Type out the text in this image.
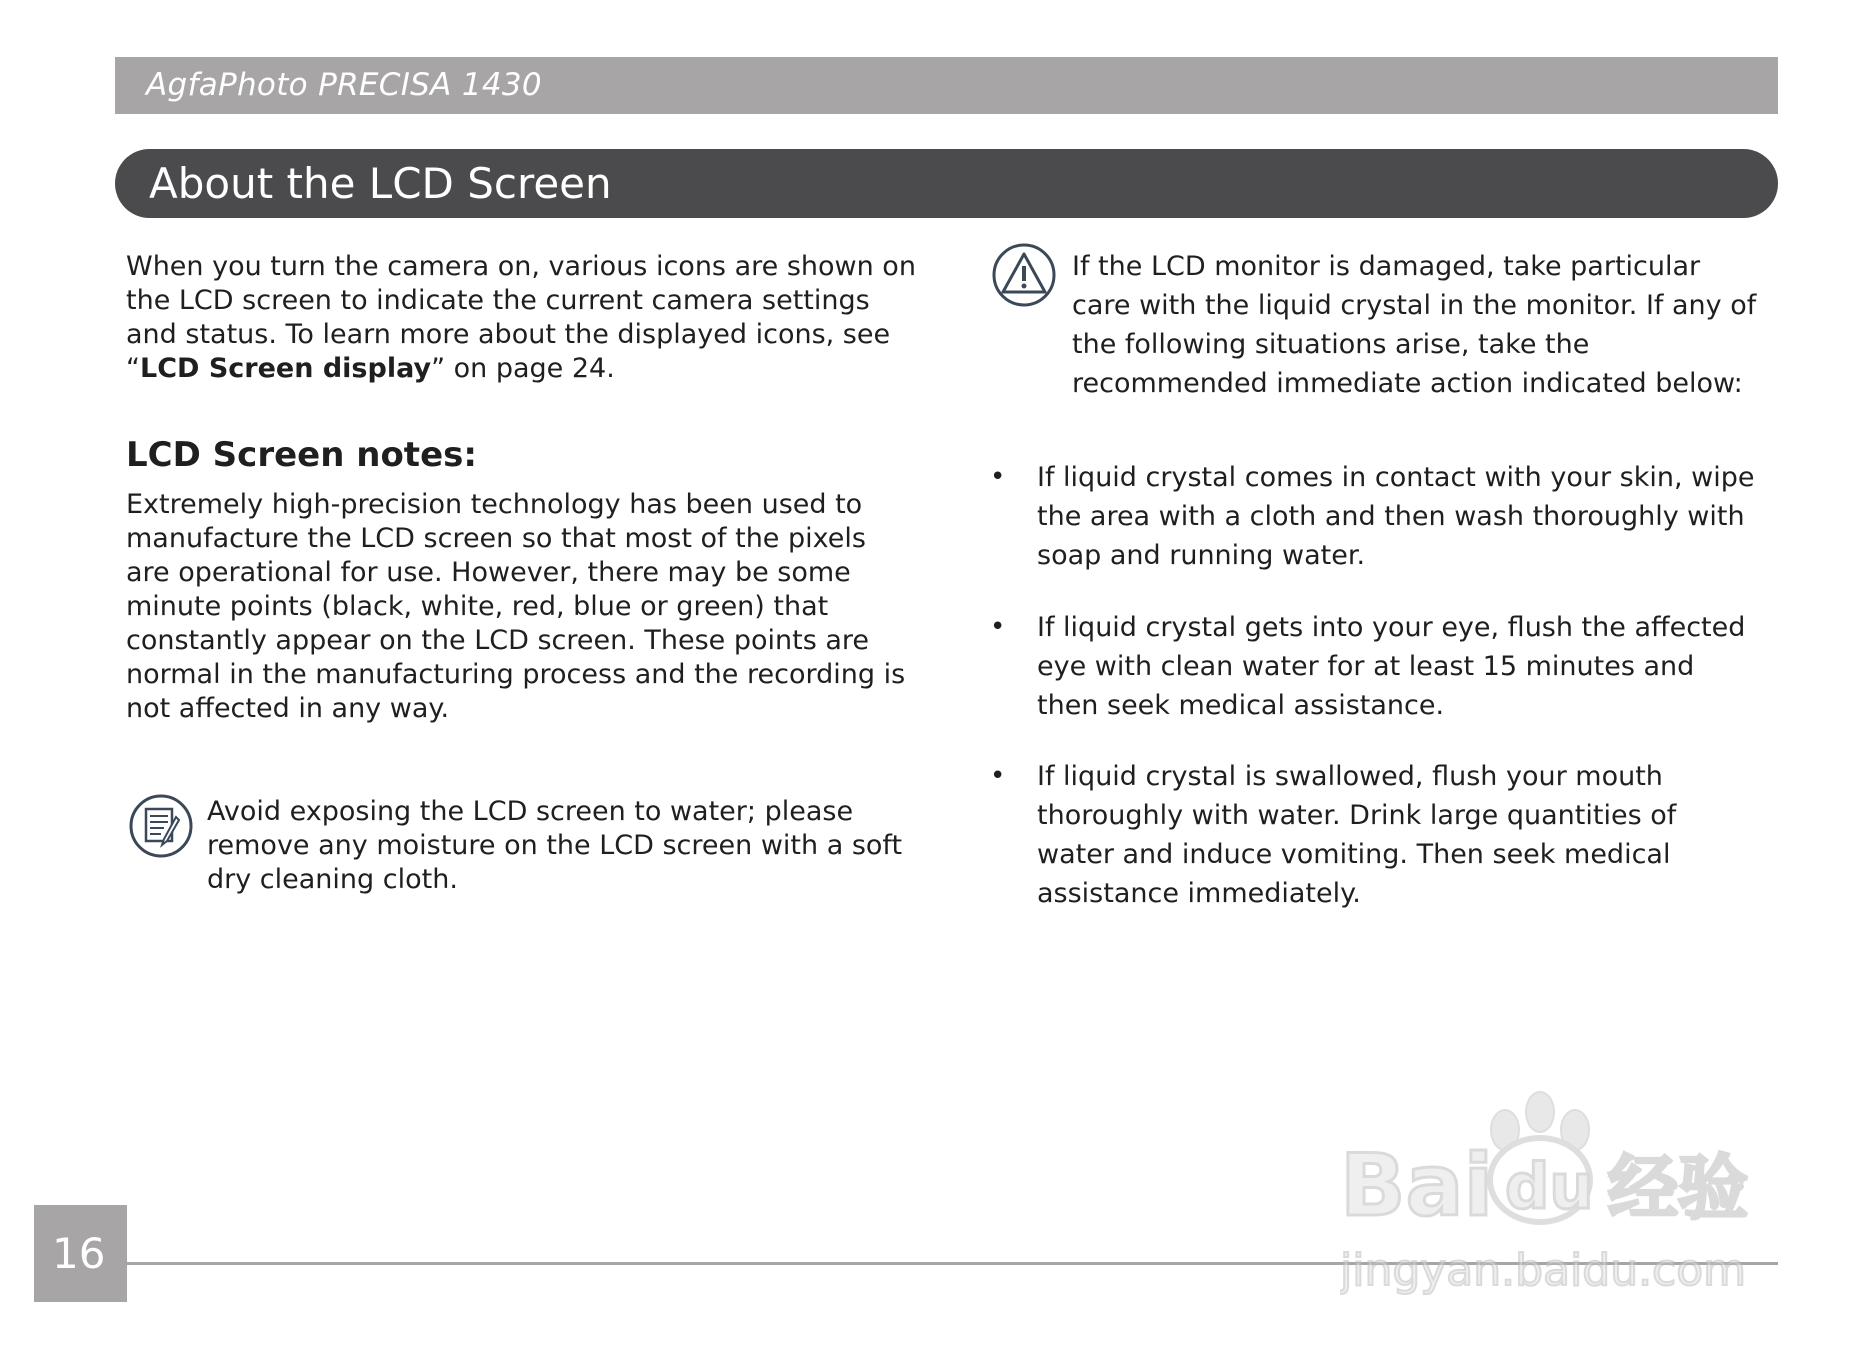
AgfaPhoto PRECISA 1430
About the LCD Screen

When you turn the camera on, various icons are shown on the LCD screen to indicate the current camera settings and status. To learn more about the displayed icons, see “LCD Screen display” on page 24.

LCD Screen notes:

Extremely high-precision technology has been used to manufacture the LCD screen so that most of the pixels are operational for use. However, there may be some minute points (black, white, red, blue or green) that constantly appear on the LCD screen. These points are normal in the manufacturing process and the recording is not affected in any way.

Avoid exposing the LCD screen to water; please remove any moisture on the LCD screen with a soft dry cleaning cloth.

If the LCD monitor is damaged, take particular care with the liquid crystal in the monitor. If any of the following situations arise, take the recommended immediate action indicated below:

• If liquid crystal comes in contact with your skin, wipe the area with a cloth and then wash thoroughly with soap and running water.

• If liquid crystal gets into your eye, flush the affected eye with clean water for at least 15 minutes and then seek medical assistance.

• If liquid crystal is swallowed, flush your mouth thoroughly with water. Drink large quantities of water and induce vomiting. Then seek medical assistance immediately.

16
Bai du 经验
jingyan.baidu.com
